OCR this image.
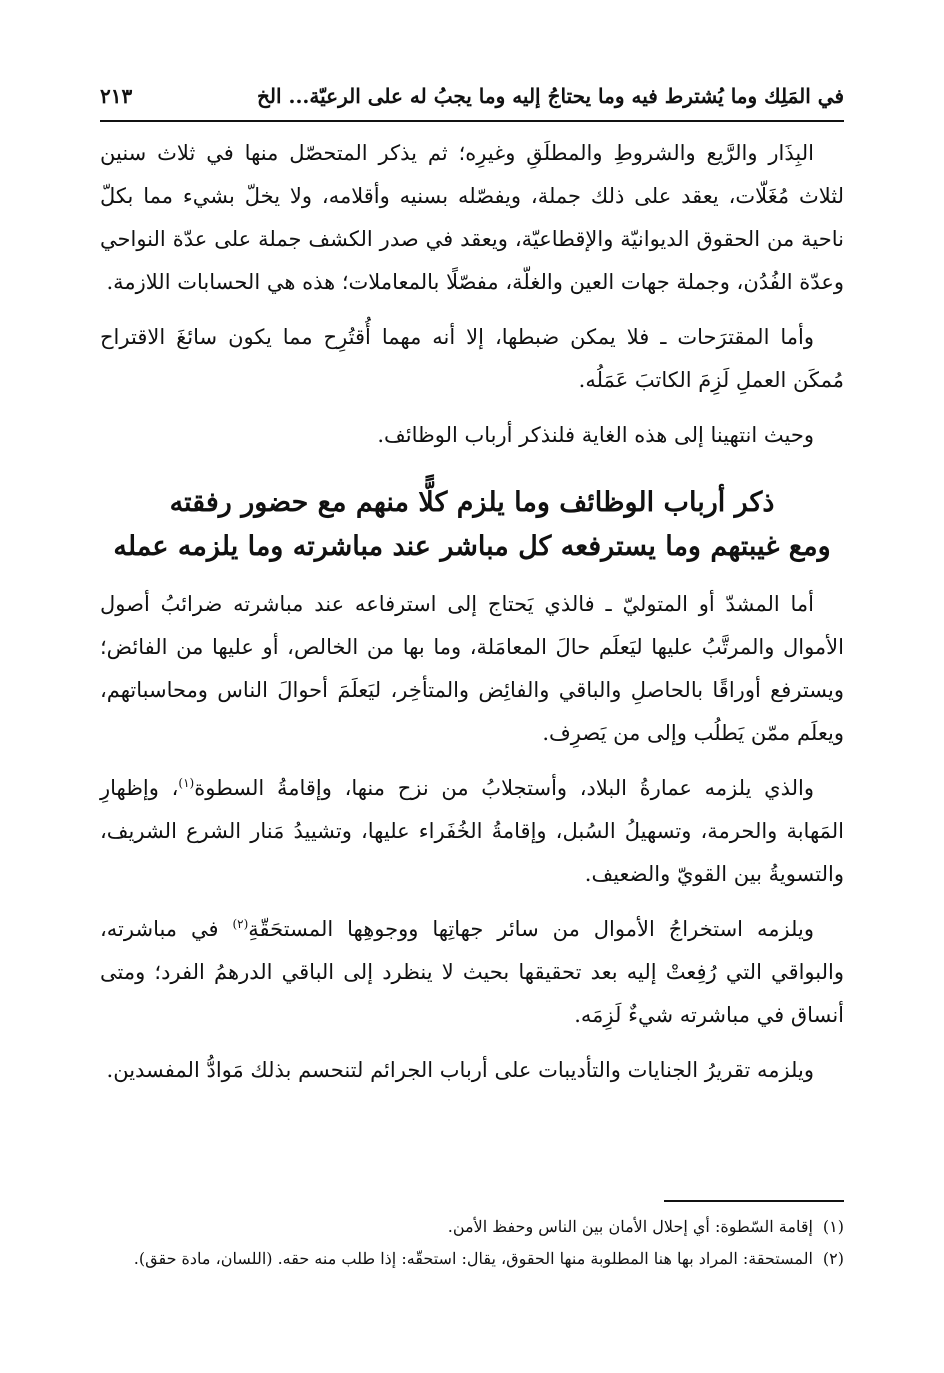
في المَلِك وما يُشترط فيه وما يحتاجُ إليه وما يجبُ له على الرعيّة... الخ
٢١٣

البِذَار والرَّيع والشروطِ والمطلَقِ وغيرِه؛ ثم يذكر المتحصّل منها في ثلاث سنين لثلاث مُغَلّات، يعقد على ذلك جملة، ويفصّله بسنيه وأقلامه، ولا يخلّ بشيء مما بكلّ ناحية من الحقوق الديوانيّة والإقطاعيّة، ويعقد في صدر الكشف جملة على عدّة النواحي وعدّة الفُدُن، وجملة جهات العين والغلّة، مفصّلًا بالمعاملات؛ هذه هي الحسابات اللازمة.

وأما المقترَحات ـ فلا يمكن ضبطها، إلا أنه مهما أُقتُرِح مما يكون سائغَ الاقتراح مُمكَن العملِ لَزِمَ الكاتبَ عَمَلُه.

وحيث انتهينا إلى هذه الغاية فلنذكر أرباب الوظائف.

ذكر أرباب الوظائف وما يلزم كلًّا منهم مع حضور رفقته
ومع غيبتهم وما يسترفعه كل مباشر عند مباشرته وما يلزمه عمله

أما المشدّ أو المتوليّ ـ فالذي يَحتاج إلى استرفاعه عند مباشرته ضرائبُ أصول الأموال والمرتَّبُ عليها ليَعلَم حالَ المعامَلة، وما بها من الخالص، أو عليها من الفائض؛ ويسترفع أوراقًا بالحاصلِ والباقي والفائِض والمتأخِر، ليَعلَمَ أحوالَ الناس ومحاسباتهم، ويعلَم ممّن يَطلُب وإلى من يَصرِف.

والذي يلزمه عمارةُ البلاد، وأستجلابُ من نزح منها، وإقامةُ السطوة$^{(١)}$، وإظهارِ المَهابة والحرمة، وتسهيلُ السُبل، وإقامةُ الخُفَراء عليها، وتشييدُ مَنار الشرع الشريف، والتسويةُ بين القويّ والضعيف.

ويلزمه استخراجُ الأموال من سائر جهاتِها ووجوهِها المستحَقّةِ$^{(٢)}$ في مباشرته، والبواقي التي رُفِعتْ إليه بعد تحقيقها بحيث لا ينظرد إلى الباقي الدرهمُ الفرد؛ ومتى أنساق في مباشرته شيءٌ لَزِمَه.

ويلزمه تقريرُ الجنايات والتأديبات على أرباب الجرائم لتنحسم بذلك مَوادُّ المفسدين.

(١)
إقامة السّطوة: أي إحلال الأمان بين الناس وحفظ الأمن.
(٢)
المستحقة: المراد بها هنا المطلوبة منها الحقوق، يقال: استحقّه: إذا طلب منه حقه. (اللسان، مادة حقق).
